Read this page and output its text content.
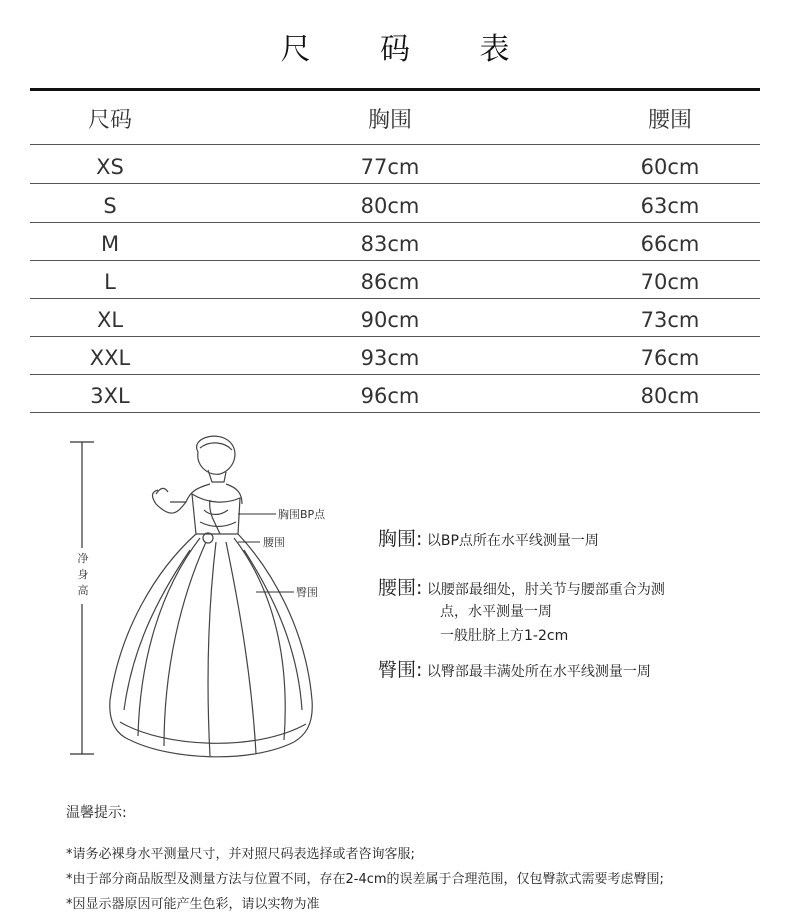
尺 码 表
尺码	胸围	腰围
XS	77cm	60cm
S	80cm	63cm
M	83cm	66cm
L	86cm	70cm
XL	90cm	73cm
XXL	93cm	76cm
3XL	96cm	80cm
净
身
高
胸围BP点
腰围
臀围
胸围: 以BP点所在水平线测量一周
腰围: 以腰部最细处，肘关节与腰部重合为测
点，水平测量一周
一般肚脐上方1-2cm
臀围: 以臀部最丰满处所在水平线测量一周
温馨提示:
*请务必裸身水平测量尺寸，并对照尺码表选择或者咨询客服;
*由于部分商品版型及测量方法与位置不同，存在2-4cm的误差属于合理范围，仅包臀款式需要考虑臀围;
*因显示器原因可能产生色彩，请以实物为准
